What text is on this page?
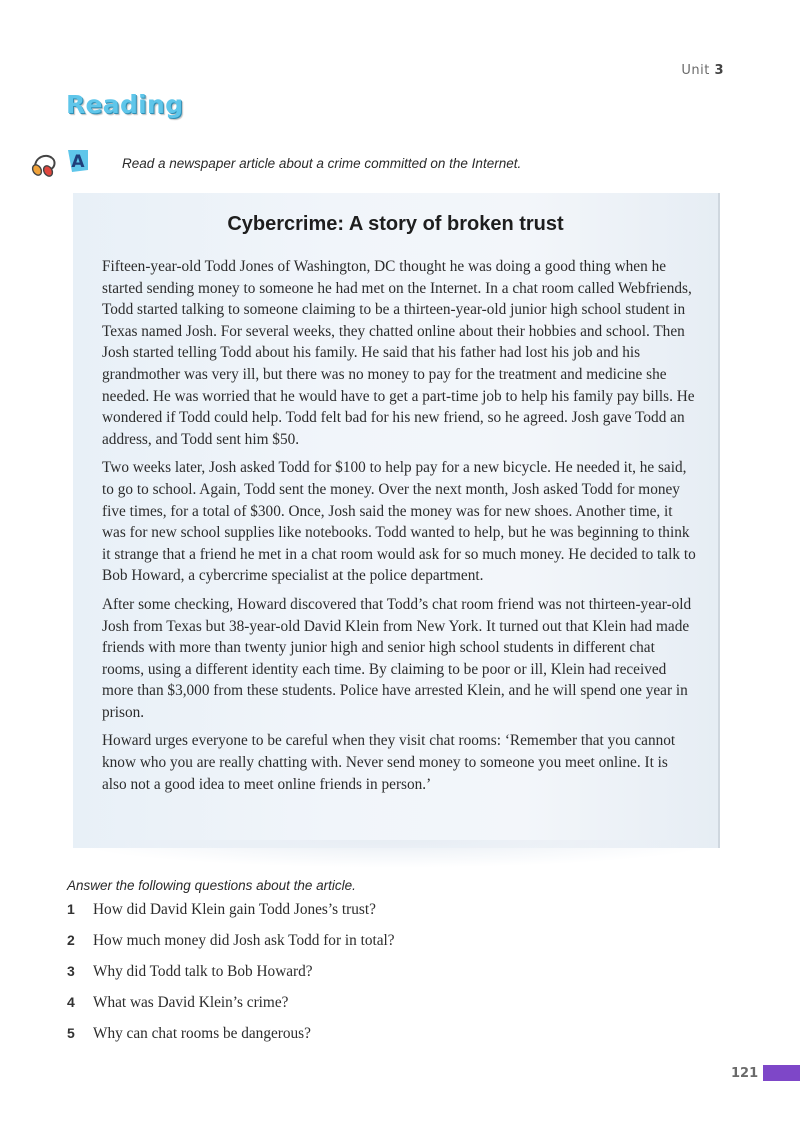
Unit 3
Reading
A	Read a newspaper article about a crime committed on the Internet.
Cybercrime: A story of broken trust

Fifteen-year-old Todd Jones of Washington, DC thought he was doing a good thing when he started sending money to someone he had met on the Internet. In a chat room called Webfriends, Todd started talking to someone claiming to be a thirteen-year-old junior high school student in Texas named Josh. For several weeks, they chatted online about their hobbies and school. Then Josh started telling Todd about his family. He said that his father had lost his job and his grandmother was very ill, but there was no money to pay for the treatment and medicine she needed. He was worried that he would have to get a part-time job to help his family pay bills. He wondered if Todd could help. Todd felt bad for his new friend, so he agreed. Josh gave Todd an address, and Todd sent him $50.

Two weeks later, Josh asked Todd for $100 to help pay for a new bicycle. He needed it, he said, to go to school. Again, Todd sent the money. Over the next month, Josh asked Todd for money five times, for a total of $300. Once, Josh said the money was for new shoes. Another time, it was for new school supplies like notebooks. Todd wanted to help, but he was beginning to think it strange that a friend he met in a chat room would ask for so much money. He decided to talk to Bob Howard, a cybercrime specialist at the police department.

After some checking, Howard discovered that Todd’s chat room friend was not thirteen-year-old Josh from Texas but 38-year-old David Klein from New York. It turned out that Klein had made friends with more than twenty junior high and senior high school students in different chat rooms, using a different identity each time. By claiming to be poor or ill, Klein had received more than $3,000 from these students. Police have arrested Klein, and he will spend one year in prison.

Howard urges everyone to be careful when they visit chat rooms: ‘Remember that you cannot know who you are really chatting with. Never send money to someone you meet online. It is also not a good idea to meet online friends in person.’

Answer the following questions about the article.
1 How did David Klein gain Todd Jones’s trust?
2 How much money did Josh ask Todd for in total?
3 Why did Todd talk to Bob Howard?
4 What was David Klein’s crime?
5 Why can chat rooms be dangerous?
121
